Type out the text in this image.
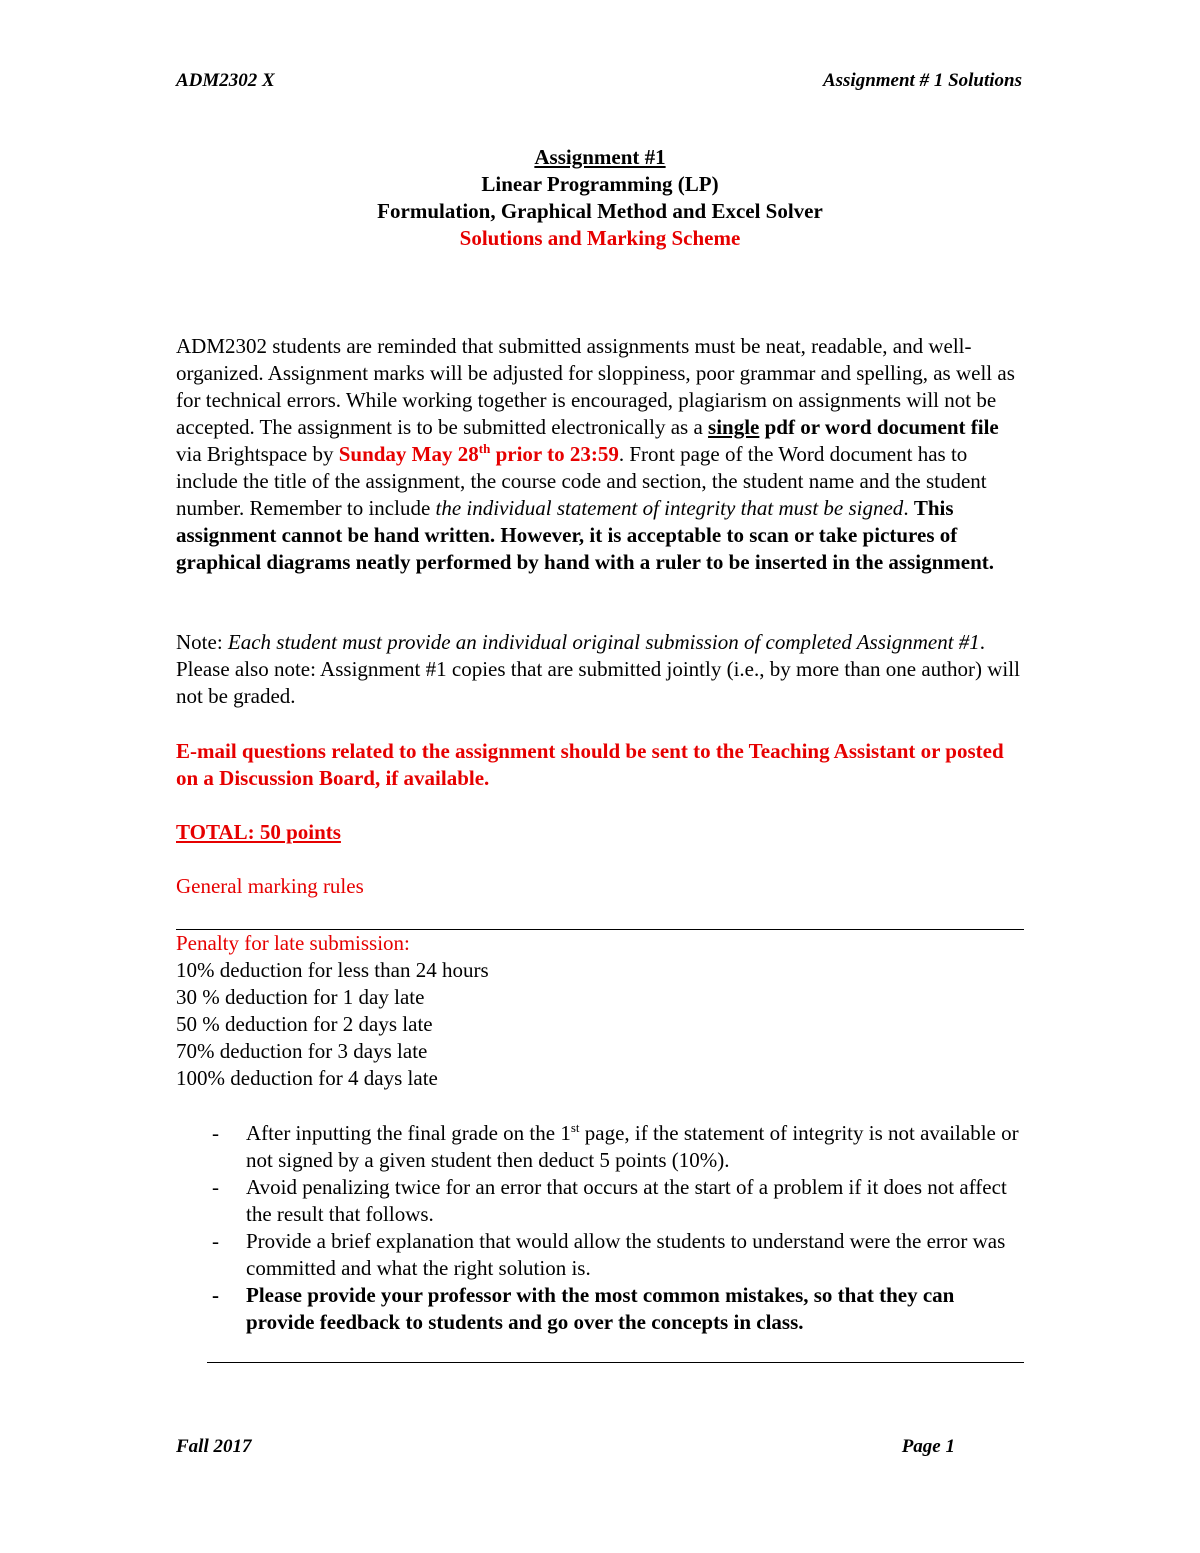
ADM2302 X	Assignment # 1 Solutions
Assignment #1
Linear Programming (LP)
Formulation, Graphical Method and Excel Solver
Solutions and Marking Scheme

ADM2302 students are reminded that submitted assignments must be neat, readable, and well-organized. Assignment marks will be adjusted for sloppiness, poor grammar and spelling, as well as for technical errors. While working together is encouraged, plagiarism on assignments will not be accepted. The assignment is to be submitted electronically as a single pdf or word document file via Brightspace by Sunday May 28th prior to 23:59. Front page of the Word document has to include the title of the assignment, the course code and section, the student name and the student number. Remember to include the individual statement of integrity that must be signed. This assignment cannot be hand written. However, it is acceptable to scan or take pictures of graphical diagrams neatly performed by hand with a ruler to be inserted in the assignment.

Note: Each student must provide an individual original submission of completed Assignment #1. Please also note: Assignment #1 copies that are submitted jointly (i.e., by more than one author) will not be graded.

E-mail questions related to the assignment should be sent to the Teaching Assistant or posted on a Discussion Board, if available.

TOTAL: 50 points

General marking rules

Penalty for late submission:
10% deduction for less than 24 hours
30 % deduction for 1 day late
50 % deduction for 2 days late
70% deduction for 3 days late
100% deduction for 4 days late
-	After inputting the final grade on the 1st page, if the statement of integrity is not available or not signed by a given student then deduct 5 points (10%).
-	Avoid penalizing twice for an error that occurs at the start of a problem if it does not affect the result that follows.
-	Provide a brief explanation that would allow the students to understand were the error was committed and what the right solution is.
-	Please provide your professor with the most common mistakes, so that they can provide feedback to students and go over the concepts in class.
Fall 2017	Page 1
